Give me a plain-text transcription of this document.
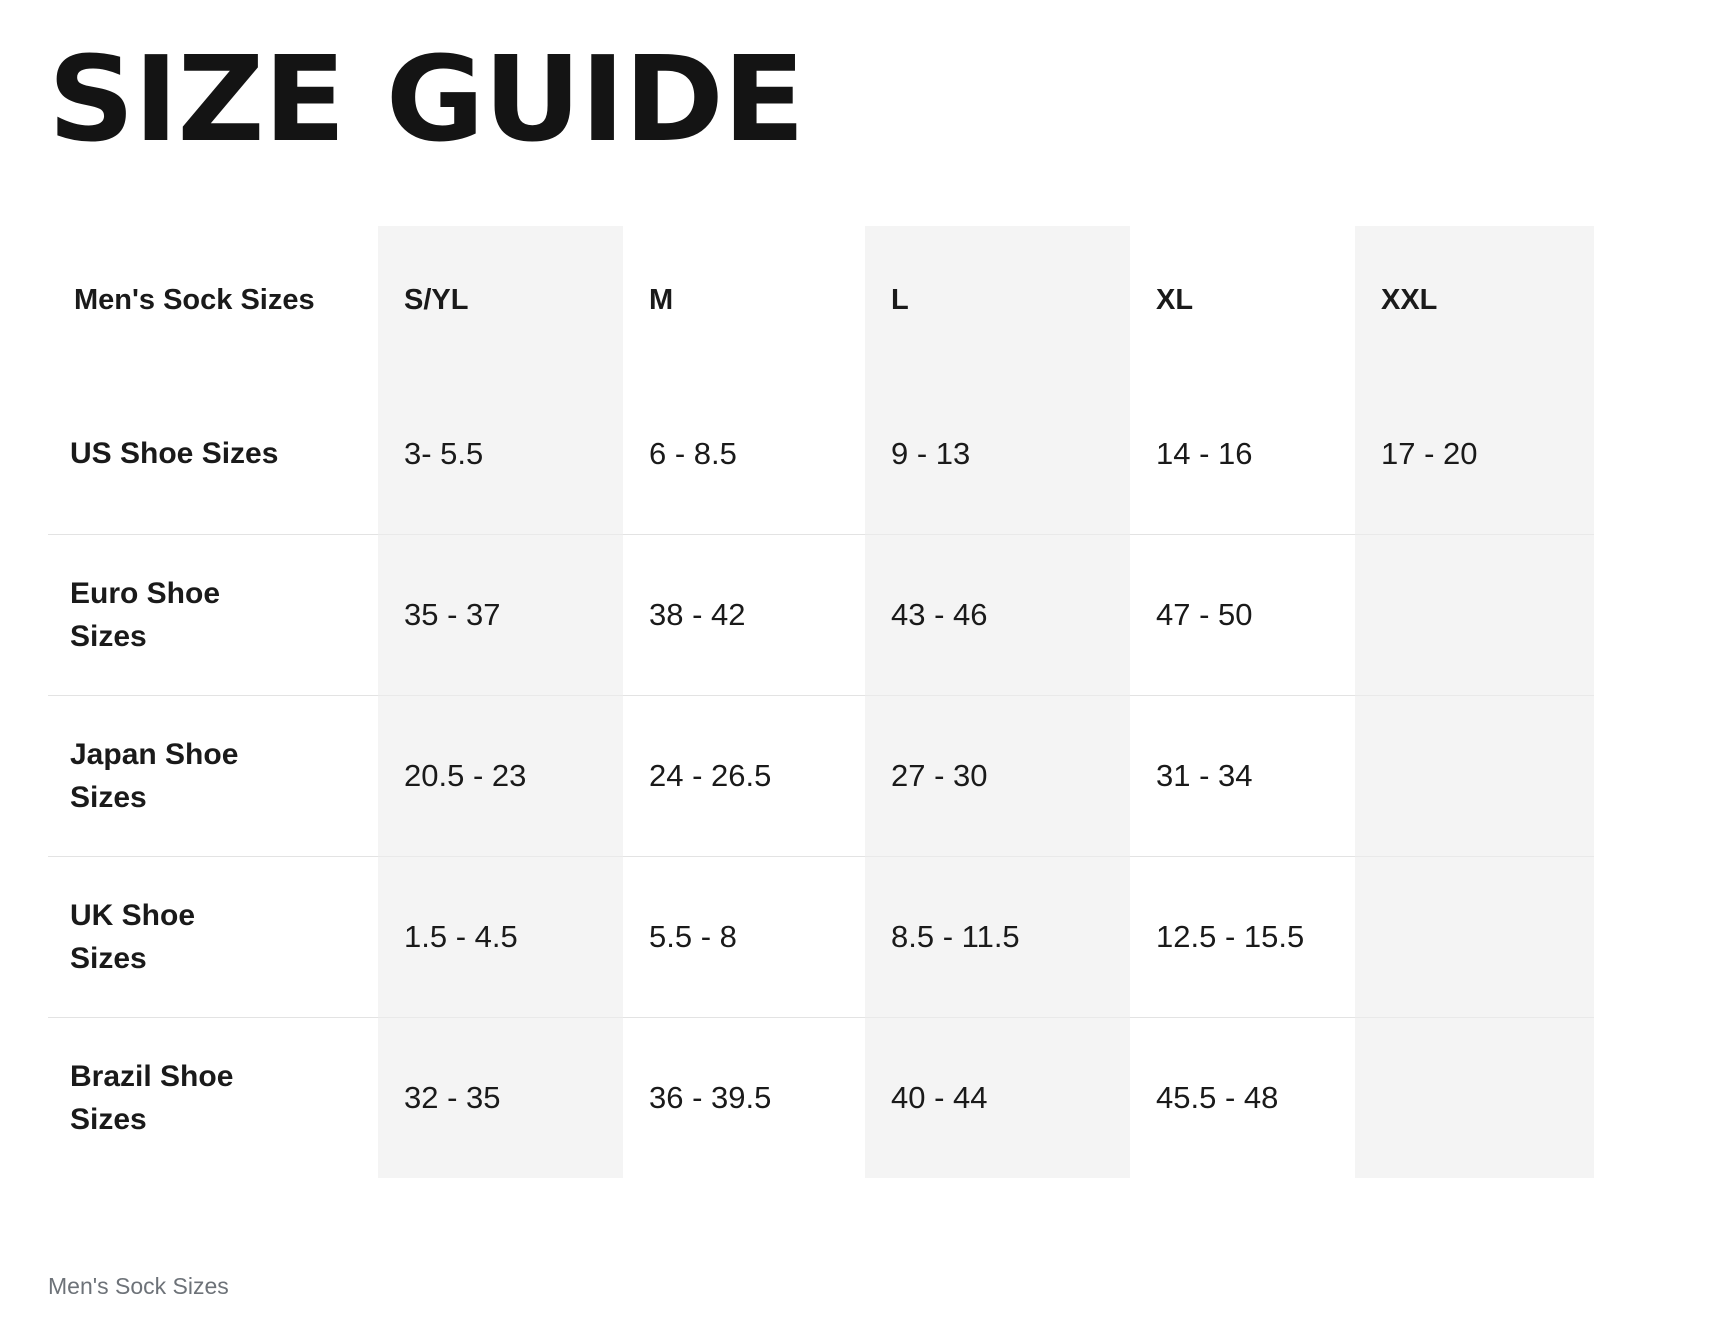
SIZE GUIDE
Men's Sock Sizes	S/YL	M	L	XL	XXL

US Shoe Sizes	3- 5.5	6 - 8.5	9 - 13	14 - 16	17 - 20

Euro Shoe Sizes	35 - 37	38 - 42	43 - 46	47 - 50	

Japan Shoe Sizes	20.5 - 23	24 - 26.5	27 - 30	31 - 34	

UK Shoe Sizes	1.5 - 4.5	5.5 - 8	8.5 - 11.5	12.5 - 15.5	

Brazil Shoe Sizes	32 - 35	36 - 39.5	40 - 44	45.5 - 48	
Men's Sock Sizes
